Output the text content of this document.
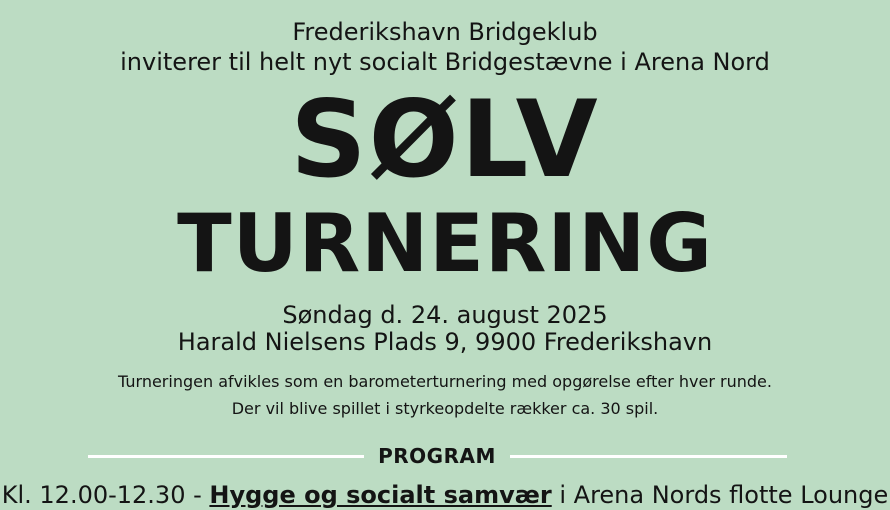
Frederikshavn Bridgeklub
inviterer til helt nyt socialt Bridgestævne i Arena Nord
SØLV
TURNERING
Søndag d. 24. august 2025
Harald Nielsens Plads 9, 9900 Frederikshavn
Turneringen afvikles som en barometerturnering med opgørelse efter hver runde.
Der vil blive spillet i styrkeopdelte rækker ca. 30 spil.
PROGRAM
Kl. 12.00-12.30 - Hygge og socialt samvær i Arena Nords flotte Lounge
